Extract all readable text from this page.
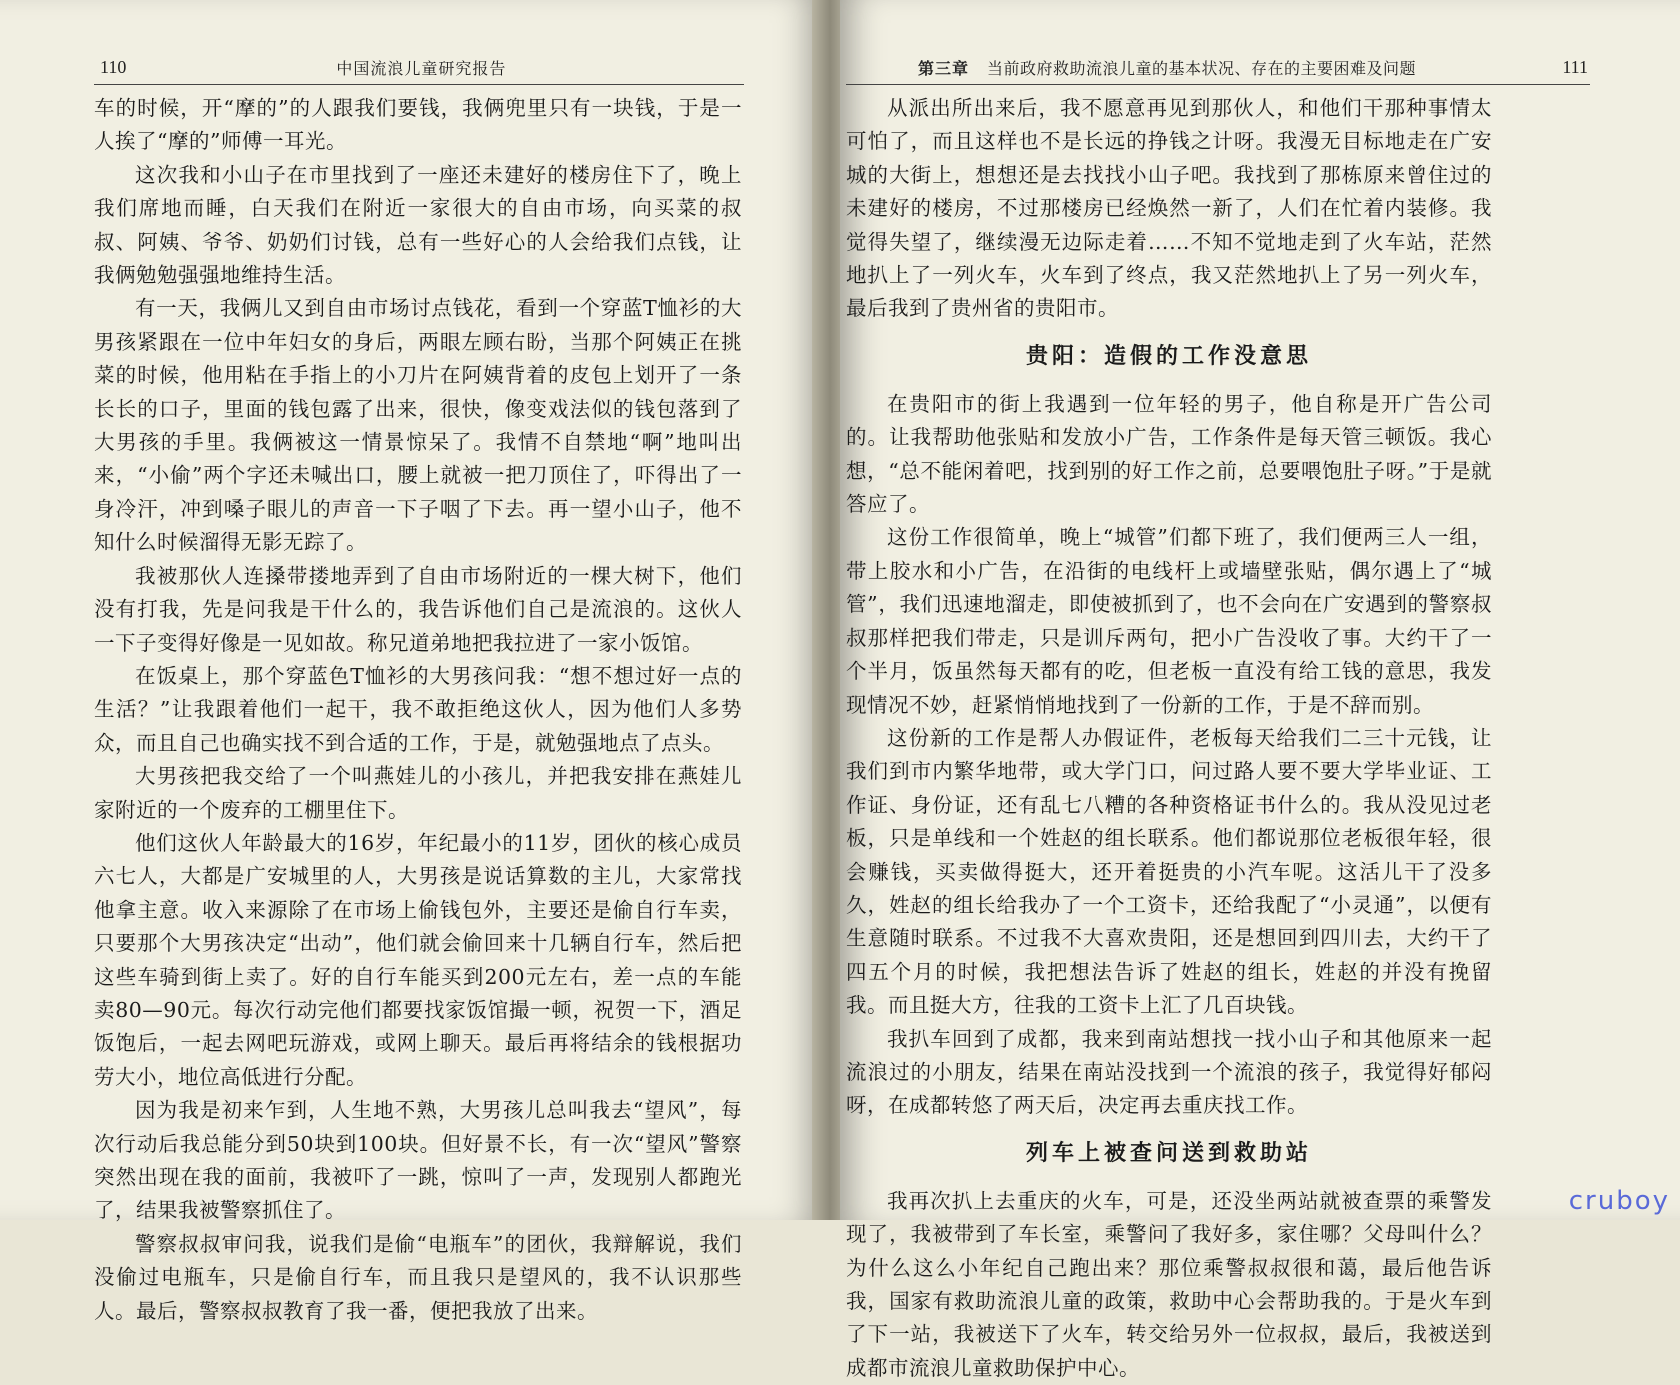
110	中国流浪儿童研究报告

车的时候，开“摩的”的人跟我们要钱，我俩兜里只有一块钱，于是一人挨了“摩的”师傅一耳光。

这次我和小山子在市里找到了一座还未建好的楼房住下了，晚上我们席地而睡，白天我们在附近一家很大的自由市场，向买菜的叔叔、阿姨、爷爷、奶奶们讨钱，总有一些好心的人会给我们点钱，让我俩勉勉强强地维持生活。

有一天，我俩儿又到自由市场讨点钱花，看到一个穿蓝T恤衫的大男孩紧跟在一位中年妇女的身后，两眼左顾右盼，当那个阿姨正在挑菜的时候，他用粘在手指上的小刀片在阿姨背着的皮包上划开了一条长长的口子，里面的钱包露了出来，很快，像变戏法似的钱包落到了大男孩的手里。我俩被这一情景惊呆了。我情不自禁地“啊”地叫出来，“小偷”两个字还未喊出口，腰上就被一把刀顶住了，吓得出了一身冷汗，冲到嗓子眼儿的声音一下子咽了下去。再一望小山子，他不知什么时候溜得无影无踪了。

我被那伙人连搡带搂地弄到了自由市场附近的一棵大树下，他们没有打我，先是问我是干什么的，我告诉他们自己是流浪的。这伙人一下子变得好像是一见如故。称兄道弟地把我拉进了一家小饭馆。

在饭桌上，那个穿蓝色T恤衫的大男孩问我：“想不想过好一点的生活？”让我跟着他们一起干，我不敢拒绝这伙人，因为他们人多势众，而且自己也确实找不到合适的工作，于是，就勉强地点了点头。

大男孩把我交给了一个叫燕娃儿的小孩儿，并把我安排在燕娃儿家附近的一个废弃的工棚里住下。

他们这伙人年龄最大的16岁，年纪最小的11岁，团伙的核心成员六七人，大都是广安城里的人，大男孩是说话算数的主儿，大家常找他拿主意。收入来源除了在市场上偷钱包外，主要还是偷自行车卖，只要那个大男孩决定“出动”，他们就会偷回来十几辆自行车，然后把这些车骑到街上卖了。好的自行车能买到200元左右，差一点的车能卖80—90元。每次行动完他们都要找家饭馆撮一顿，祝贺一下，酒足饭饱后，一起去网吧玩游戏，或网上聊天。最后再将结余的钱根据功劳大小，地位高低进行分配。

因为我是初来乍到，人生地不熟，大男孩儿总叫我去“望风”，每次行动后我总能分到50块到100块。但好景不长，有一次“望风”警察突然出现在我的面前，我被吓了一跳，惊叫了一声，发现别人都跑光了，结果我被警察抓住了。

警察叔叔审问我，说我们是偷“电瓶车”的团伙，我辩解说，我们没偷过电瓶车，只是偷自行车，而且我只是望风的，我不认识那些人。最后，警察叔叔教育了我一番，便把我放了出来。

第三章 当前政府救助流浪儿童的基本状况、存在的主要困难及问题	111

从派出所出来后，我不愿意再见到那伙人，和他们干那种事情太可怕了，而且这样也不是长远的挣钱之计呀。我漫无目标地走在广安城的大街上，想想还是去找找小山子吧。我找到了那栋原来曾住过的未建好的楼房，不过那楼房已经焕然一新了，人们在忙着内装修。我觉得失望了，继续漫无边际走着……不知不觉地走到了火车站，茫然地扒上了一列火车，火车到了终点，我又茫然地扒上了另一列火车，最后我到了贵州省的贵阳市。

贵阳：造假的工作没意思

在贵阳市的街上我遇到一位年轻的男子，他自称是开广告公司的。让我帮助他张贴和发放小广告，工作条件是每天管三顿饭。我心想，“总不能闲着吧，找到别的好工作之前，总要喂饱肚子呀。”于是就答应了。

这份工作很简单，晚上“城管”们都下班了，我们便两三人一组，带上胶水和小广告，在沿街的电线杆上或墙壁张贴，偶尔遇上了“城管”，我们迅速地溜走，即使被抓到了，也不会向在广安遇到的警察叔叔那样把我们带走，只是训斥两句，把小广告没收了事。大约干了一个半月，饭虽然每天都有的吃，但老板一直没有给工钱的意思，我发现情况不妙，赶紧悄悄地找到了一份新的工作，于是不辞而别。

这份新的工作是帮人办假证件，老板每天给我们二三十元钱，让我们到市内繁华地带，或大学门口，问过路人要不要大学毕业证、工作证、身份证，还有乱七八糟的各种资格证书什么的。我从没见过老板，只是单线和一个姓赵的组长联系。他们都说那位老板很年轻，很会赚钱，买卖做得挺大，还开着挺贵的小汽车呢。这活儿干了没多久，姓赵的组长给我办了一个工资卡，还给我配了“小灵通”，以便有生意随时联系。不过我不大喜欢贵阳，还是想回到四川去，大约干了四五个月的时候，我把想法告诉了姓赵的组长，姓赵的并没有挽留我。而且挺大方，往我的工资卡上汇了几百块钱。

我扒车回到了成都，我来到南站想找一找小山子和其他原来一起流浪过的小朋友，结果在南站没找到一个流浪的孩子，我觉得好郁闷呀，在成都转悠了两天后，决定再去重庆找工作。

列车上被查问送到救助站

我再次扒上去重庆的火车，可是，还没坐两站就被查票的乘警发现了，我被带到了车长室，乘警问了我好多，家住哪？父母叫什么？为什么这么小年纪自己跑出来？那位乘警叔叔很和蔼，最后他告诉我，国家有救助流浪儿童的政策，救助中心会帮助我的。于是火车到了下一站，我被送下了火车，转交给另外一位叔叔，最后，我被送到成都市流浪儿童救助保护中心。

cruboy
